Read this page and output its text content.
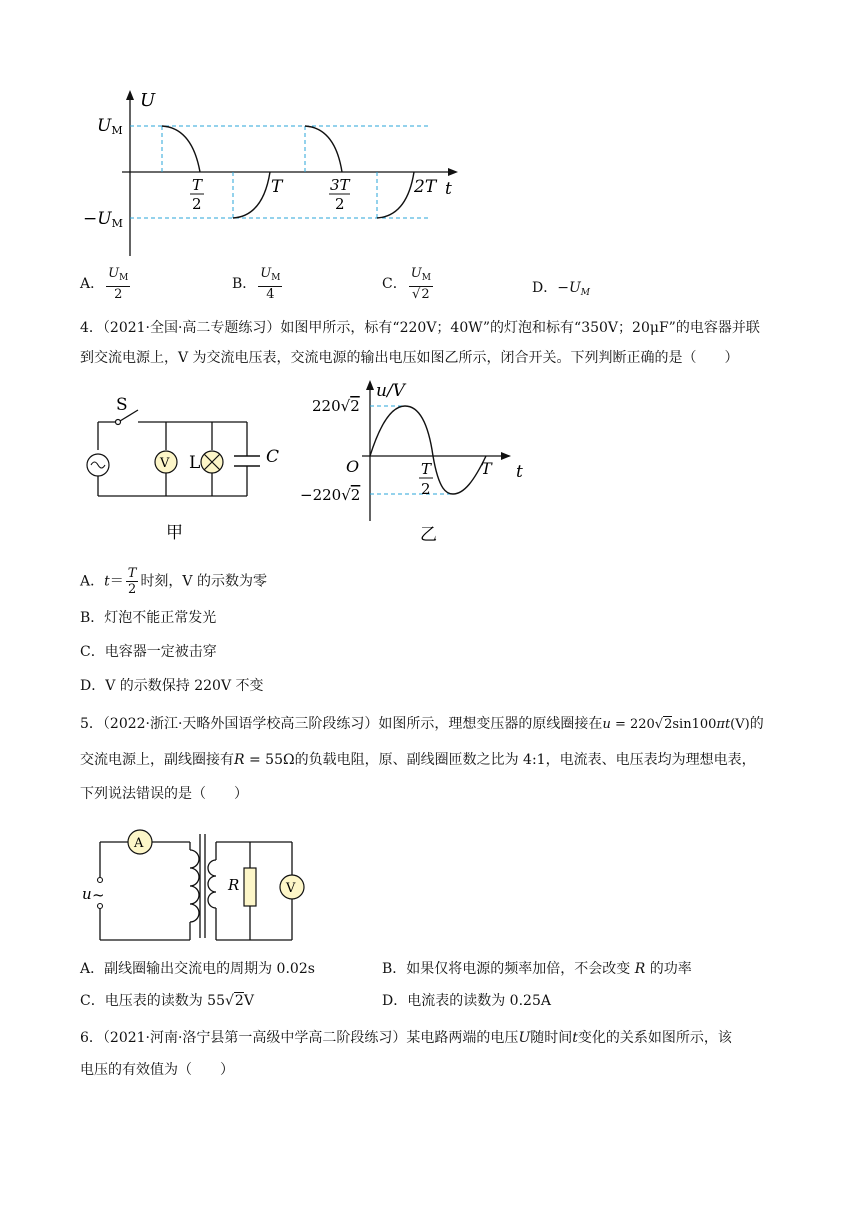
U
t
UM
−UM
T
2
T	3T
2
2T
A． $\frac{U_M}{2}$	B． $\frac{U_M}{4}$	C． $\frac{U_M}{√2}$	D．$-U_M$
4．（2021·全国·高二专题练习）如图甲所示，标有“220V；40W”的灯泡和标有“350V；20μF”的电容器并联
到交流电源上，V 为交流电压表，交流电源的输出电压如图乙所示，闭合开关。下列判断正确的是（　　）
S
V L	C
甲
u/V
t
O
220√2
−220√2
T
2
T
乙
A．$t= \frac{T}{2}$ 时刻，V 的示数为零
B．灯泡不能正常发光
C．电容器一定被击穿
D．V 的示数保持 220V 不变
5．（2022·浙江·天略外国语学校高三阶段练习）如图所示，理想变压器的原线圈接在u = 220√2sin100πt(V)的
交流电源上，副线圈接有R = 55Ω的负载电阻，原、副线圈匝数之比为 4:1，电流表、电压表均为理想电表，
下列说法错误的是（　　）
A
u ~
R	V
A．副线圈输出交流电的周期为 0.02s	B．如果仅将电源的频率加倍，不会改变 R 的功率
C．电压表的读数为 55√2V	D．电流表的读数为 0.25A
6．（2021·河南·洛宁县第一高级中学高二阶段练习）某电路两端的电压U随时间t变化的关系如图所示，该
电压的有效值为（　　）
